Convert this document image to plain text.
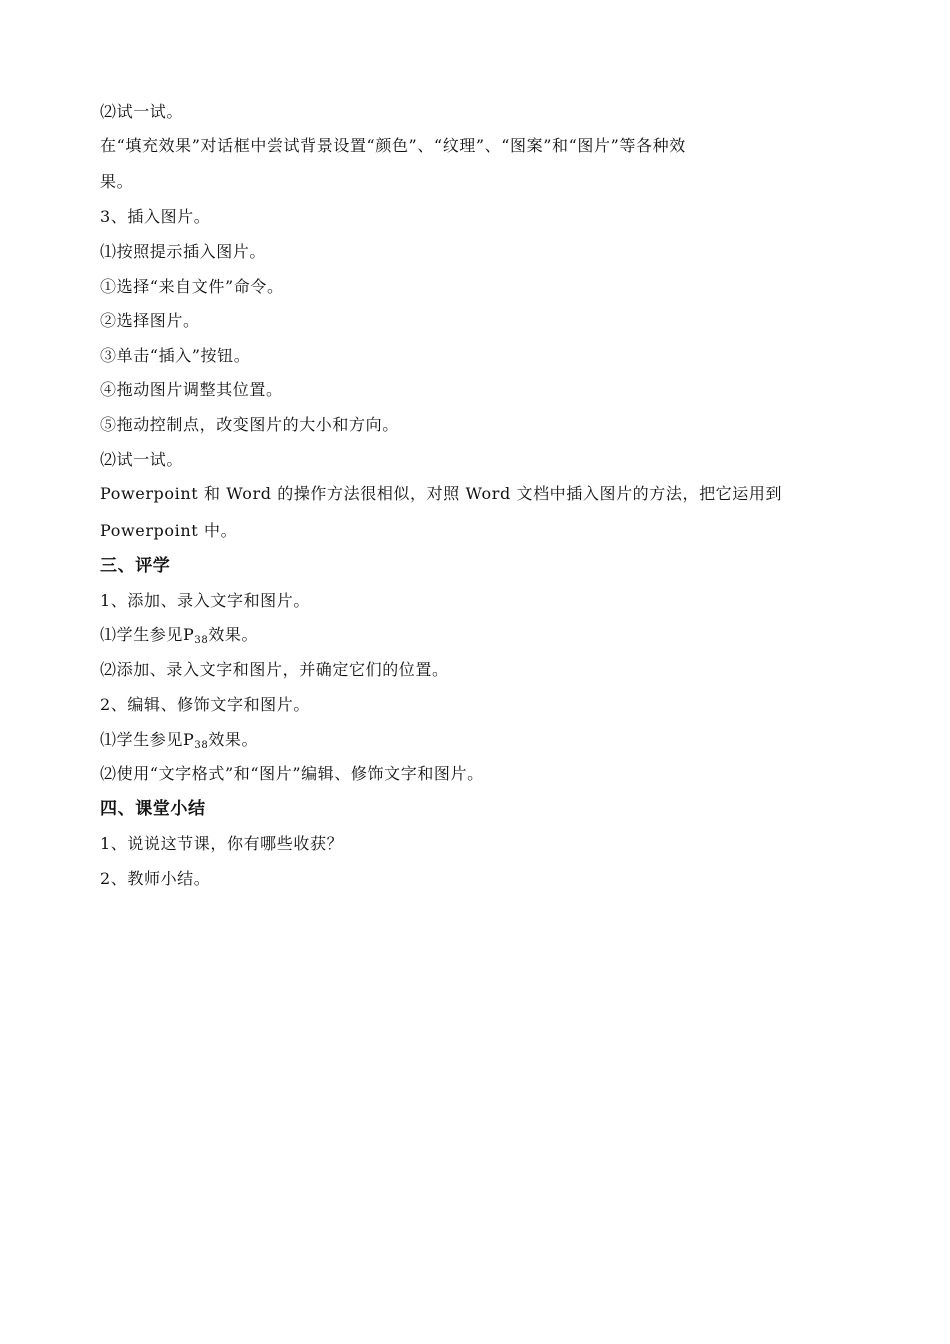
⑵试一试。
在“填充效果”对话框中尝试背景设置“颜色”、“纹理”、“图案”和“图片”等各种效
果。
3、插入图片。
⑴按照提示插入图片。
①选择“来自文件”命令。
②选择图片。
③单击“插入”按钮。
④拖动图片调整其位置。
⑤拖动控制点，改变图片的大小和方向。
⑵试一试。
Powerpoint 和 Word 的操作方法很相似，对照 Word 文档中插入图片的方法，把它运用到
Powerpoint 中。
三、评学
1、添加、录入文字和图片。
⑴学生参见$P_{38}$效果。
⑵添加、录入文字和图片，并确定它们的位置。
2、编辑、修饰文字和图片。
⑴学生参见$P_{38}$效果。
⑵使用“文字格式”和“图片”编辑、修饰文字和图片。
四、课堂小结
1、说说这节课，你有哪些收获？
2、教师小结。
